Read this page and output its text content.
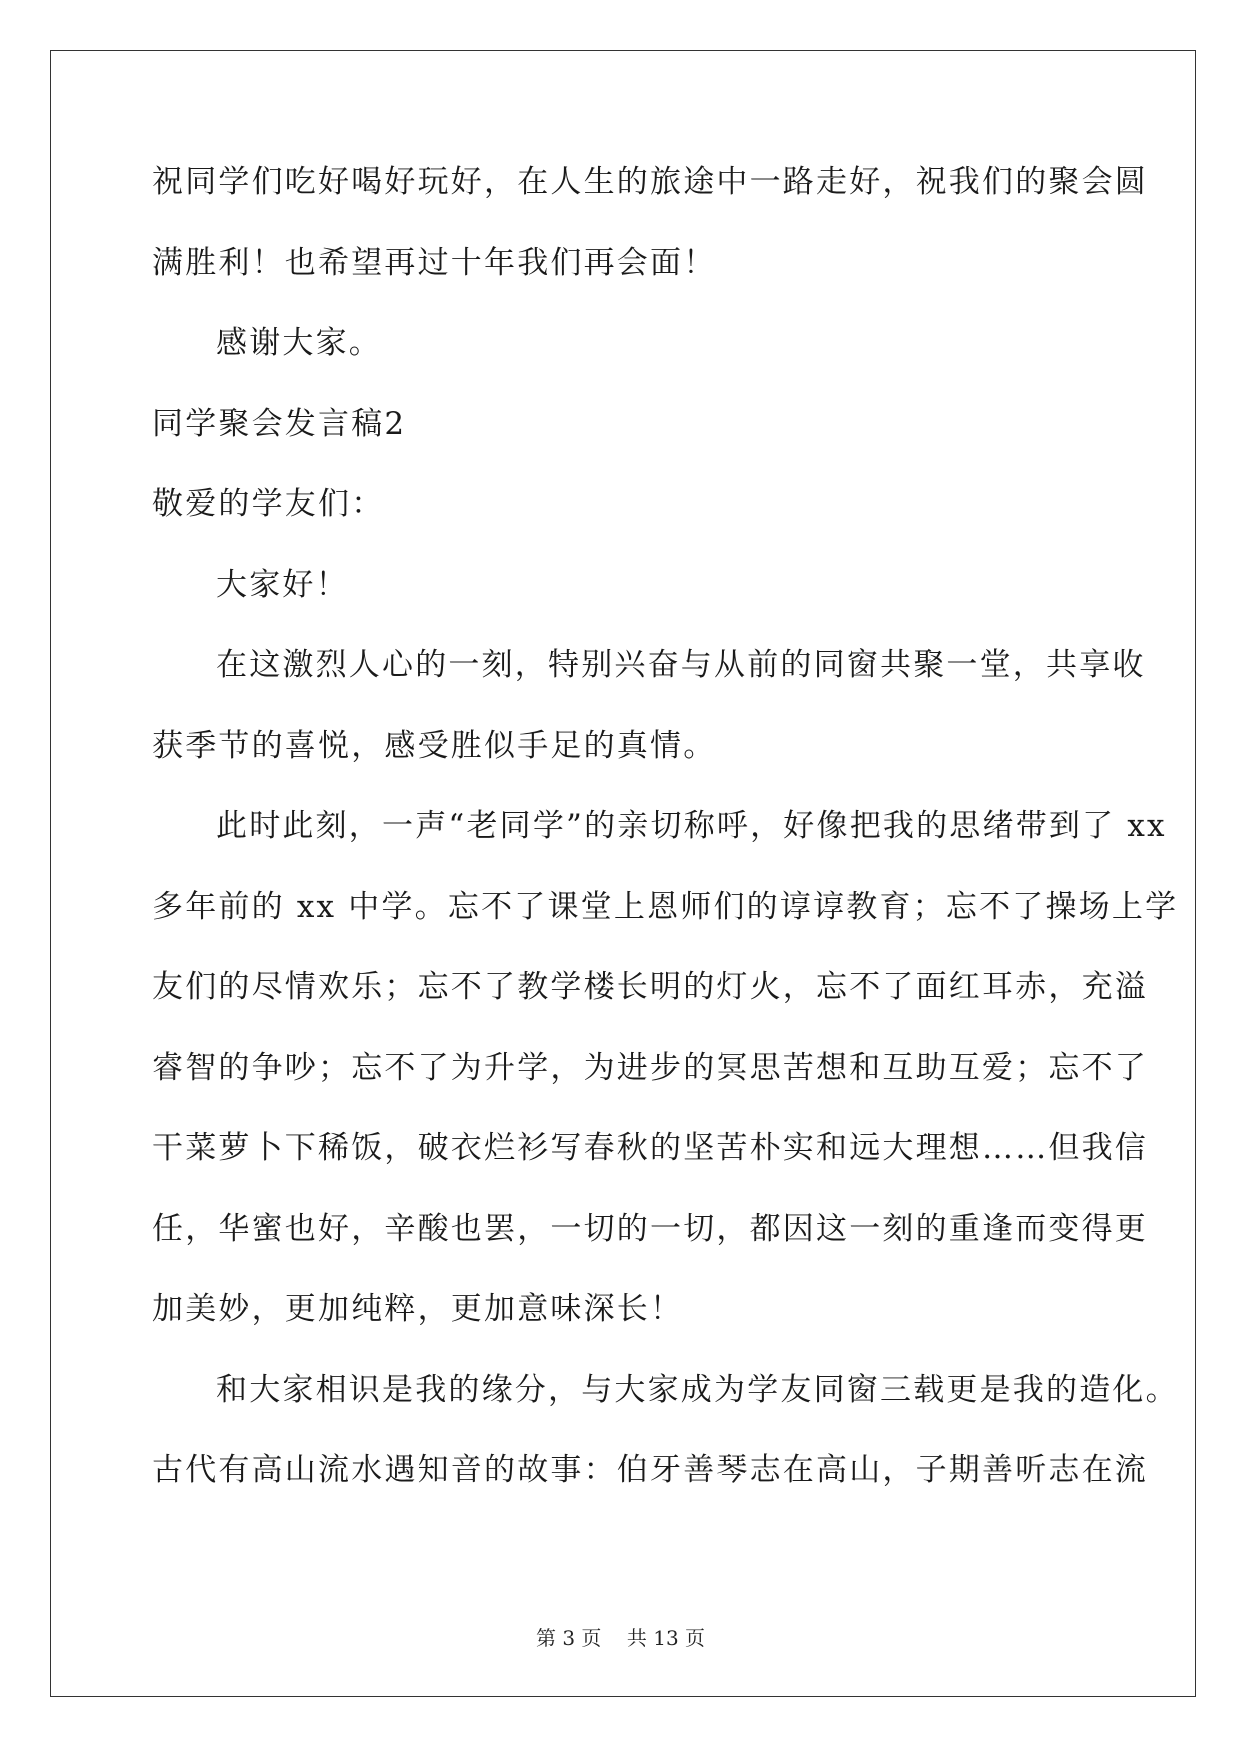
祝同学们吃好喝好玩好，在人生的旅途中一路走好，祝我们的聚会圆
满胜利！也希望再过十年我们再会面！
感谢大家。
同学聚会发言稿2
敬爱的学友们：
大家好！
在这激烈人心的一刻，特别兴奋与从前的同窗共聚一堂，共享收
获季节的喜悦，感受胜似手足的真情。
此时此刻，一声“老同学”的亲切称呼，好像把我的思绪带到了 xx
多年前的 xx 中学。忘不了课堂上恩师们的谆谆教育；忘不了操场上学
友们的尽情欢乐；忘不了教学楼长明的灯火，忘不了面红耳赤，充溢
睿智的争吵；忘不了为升学，为进步的冥思苦想和互助互爱；忘不了
干菜萝卜下稀饭，破衣烂衫写春秋的坚苦朴实和远大理想……但我信
任，华蜜也好，辛酸也罢，一切的一切，都因这一刻的重逢而变得更
加美妙，更加纯粹，更加意味深长！
和大家相识是我的缘分，与大家成为学友同窗三载更是我的造化。
古代有高山流水遇知音的故事：伯牙善琴志在高山，子期善听志在流
第 3 页 共 13 页
